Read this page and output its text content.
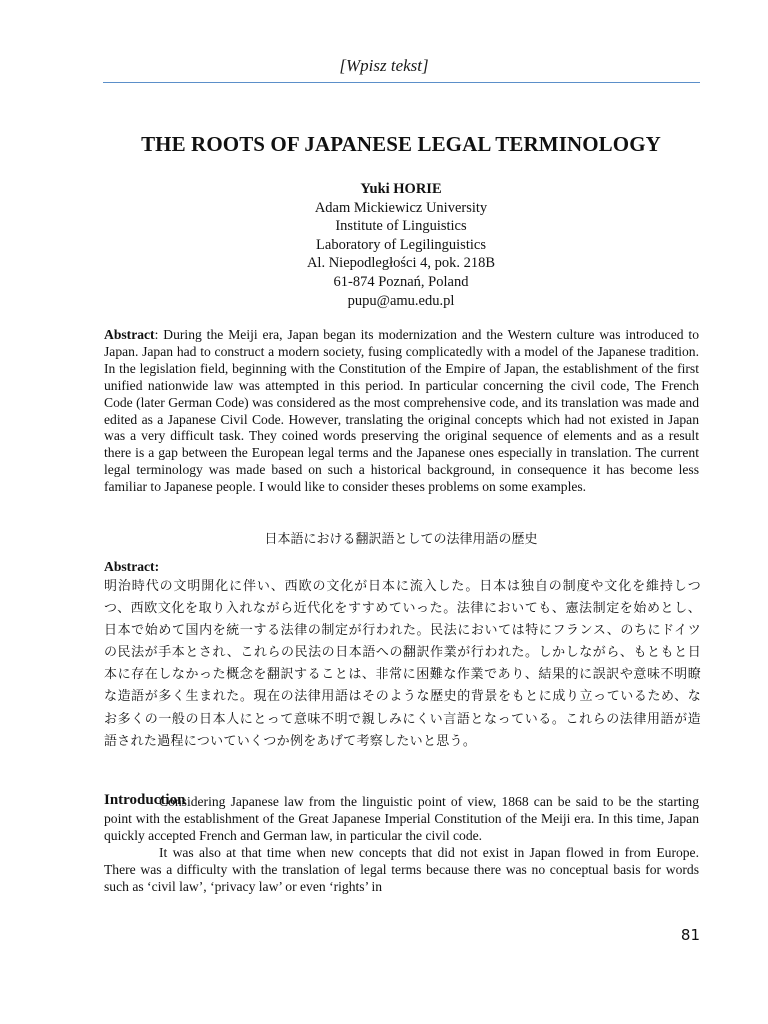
[Wpisz tekst]
THE ROOTS OF JAPANESE LEGAL TERMINOLOGY
Yuki HORIE
Adam Mickiewicz University
Institute of Linguistics
Laboratory of Legilinguistics
Al. Niepodległości 4, pok. 218B
61-874 Poznań, Poland
pupu@amu.edu.pl
Abstract: During the Meiji era, Japan began its modernization and the Western culture was introduced to Japan. Japan had to construct a modern society, fusing complicatedly with a model of the Japanese tradition. In the legislation field, beginning with the Constitution of the Empire of Japan, the establishment of the first unified nationwide law was attempted in this period. In particular concerning the civil code, The French Code (later German Code) was considered as the most comprehensive code, and its translation was made and edited as a Japanese Civil Code. However, translating the original concepts which had not existed in Japan was a very difficult task. They coined words preserving the original sequence of elements and as a result there is a gap between the European legal terms and the Japanese ones especially in translation. The current legal terminology was made based on such a historical background, in consequence it has become less familiar to Japanese people. I would like to consider theses problems on some examples.
日本語における翻訳語としての法律用語の歴史
Abstract:
明治時代の文明開化に伴い、西欧の文化が日本に流入した。日本は独自の制度や文化を維持しつつ、西欧文化を取り入れながら近代化をすすめていった。法律においても、憲法制定を始めとし、日本で始めて国内を統一する法律の制定が行われた。民法においては特にフランス、のちにドイツの民法が手本とされ、これらの民法の日本語への翻訳作業が行われた。しかしながら、もともと日本に存在しなかった概念を翻訳することは、非常に困難な作業であり、結果的に誤訳や意味不明瞭な造語が多く生まれた。現在の法律用語はそのような歴史的背景をもとに成り立っているため、なお多くの一般の日本人にとって意味不明で親しみにくい言語となっている。これらの法律用語が造語された過程についていくつか例をあげて考察したいと思う。
Introduction

Considering Japanese law from the linguistic point of view, 1868 can be said to be the starting point with the establishment of the Great Japanese Imperial Constitution of the Meiji era. In this time, Japan quickly accepted French and German law, in particular the civil code.

It was also at that time when new concepts that did not exist in Japan flowed in from Europe. There was a difficulty with the translation of legal terms because there was no conceptual basis for words such as ‘civil law’, ‘privacy law’ or even ‘rights’ in

81
